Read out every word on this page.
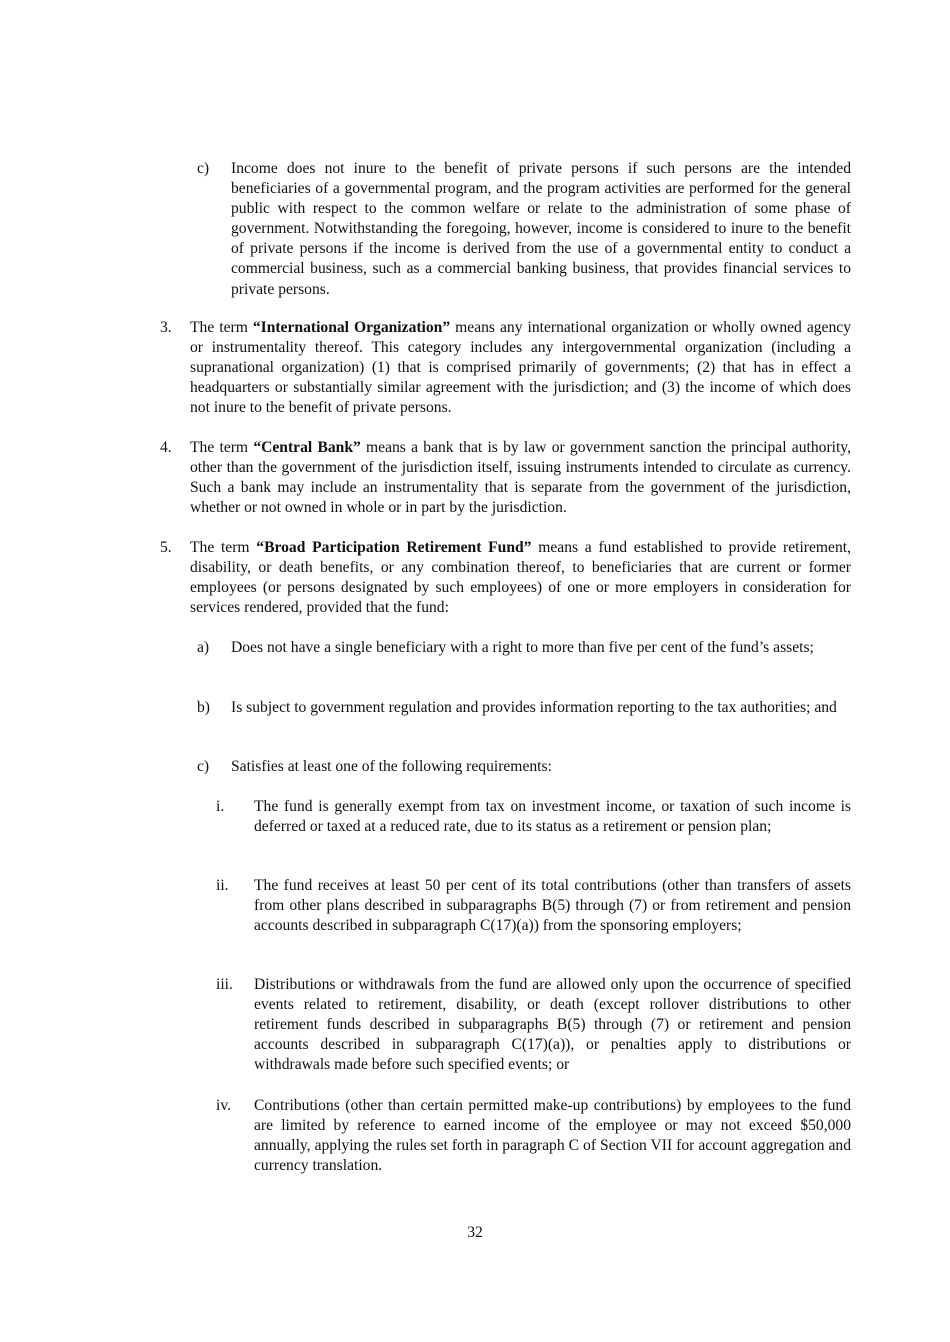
c)	Income does not inure to the benefit of private persons if such persons are the intended beneficiaries of a governmental program, and the program activities are performed for the general public with respect to the common welfare or relate to the administration of some phase of government. Notwithstanding the foregoing, however, income is considered to inure to the benefit of private persons if the income is derived from the use of a governmental entity to conduct a commercial business, such as a commercial banking business, that provides financial services to private persons.
3.	The term “International Organization” means any international organization or wholly owned agency or instrumentality thereof. This category includes any intergovernmental organization (including a supranational organization) (1) that is comprised primarily of governments; (2) that has in effect a headquarters or substantially similar agreement with the jurisdiction; and (3) the income of which does not inure to the benefit of private persons.
4.	The term “Central Bank” means a bank that is by law or government sanction the principal authority, other than the government of the jurisdiction itself, issuing instruments intended to circulate as currency. Such a bank may include an instrumentality that is separate from the government of the jurisdiction, whether or not owned in whole or in part by the jurisdiction.
5.	The term “Broad Participation Retirement Fund” means a fund established to provide retirement, disability, or death benefits, or any combination thereof, to beneficiaries that are current or former employees (or persons designated by such employees) of one or more employers in consideration for services rendered, provided that the fund:
a)	Does not have a single beneficiary with a right to more than five per cent of the fund’s assets;
b)	Is subject to government regulation and provides information reporting to the tax authorities; and
c)	Satisfies at least one of the following requirements:
i.	The fund is generally exempt from tax on investment income, or taxation of such income is deferred or taxed at a reduced rate, due to its status as a retirement or pension plan;
ii.	The fund receives at least 50 per cent of its total contributions (other than transfers of assets from other plans described in subparagraphs B(5) through (7) or from retirement and pension accounts described in subparagraph C(17)(a)) from the sponsoring employers;
iii.	Distributions or withdrawals from the fund are allowed only upon the occurrence of specified events related to retirement, disability, or death (except rollover distributions to other retirement funds described in subparagraphs B(5) through (7) or retirement and pension accounts described in subparagraph C(17)(a)), or penalties apply to distributions or withdrawals made before such specified events; or
iv.	Contributions (other than certain permitted make-up contributions) by employees to the fund are limited by reference to earned income of the employee or may not exceed $50,000 annually, applying the rules set forth in paragraph C of Section VII for account aggregation and currency translation.
32
